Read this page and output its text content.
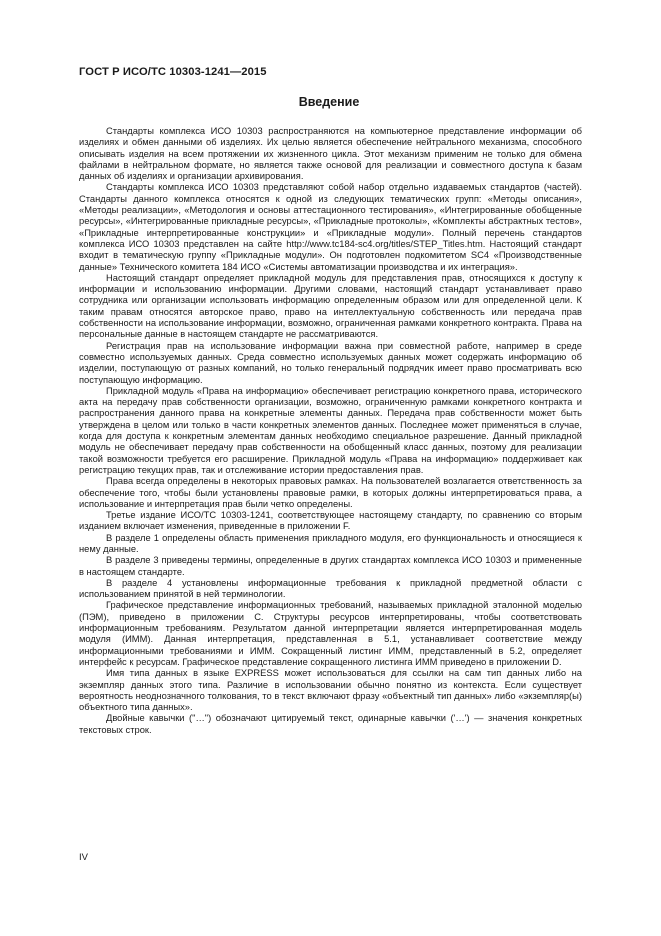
ГОСТ Р ИСО/ТС 10303-1241—2015
Введение

Стандарты комплекса ИСО 10303 распространяются на компьютерное представление информации об изделиях и обмен данными об изделиях. Их целью является обеспечение нейтрального механизма, способного описывать изделия на всем протяжении их жизненного цикла. Этот механизм применим не только для обмена файлами в нейтральном формате, но является также основой для реализации и совместного доступа к базам данных об изделиях и организации архивирования.

Стандарты комплекса ИСО 10303 представляют собой набор отдельно издаваемых стандартов (частей). Стандарты данного комплекса относятся к одной из следующих тематических групп: «Методы описания», «Методы реализации», «Методология и основы аттестационного тестирования», «Интегрированные обобщенные ресурсы», «Интегрированные прикладные ресурсы», «Прикладные протоколы», «Комплекты абстрактных тестов», «Прикладные интерпретированные конструкции» и «Прикладные модули». Полный перечень стандартов комплекса ИСО 10303 представлен на сайте http://www.tc184-sc4.org/titles/STEP_Titles.htm. Настоящий стандарт входит в тематическую группу «Прикладные модули». Он подготовлен подкомитетом SC4 «Производственные данные» Технического комитета 184 ИСО «Системы автоматизации производства и их интеграция».

Настоящий стандарт определяет прикладной модуль для представления прав, относящихся к доступу к информации и использованию информации. Другими словами, настоящий стандарт устанавливает право сотрудника или организации использовать информацию определенным образом или для определенной цели. К таким правам относятся авторское право, право на интеллектуальную собственность или передача прав собственности на использование информации, возможно, ограниченная рамками конкретного контракта. Права на персональные данные в настоящем стандарте не рассматриваются.

Регистрация прав на использование информации важна при совместной работе, например в среде совместно используемых данных. Среда совместно используемых данных может содержать информацию об изделии, поступающую от разных компаний, но только генеральный подрядчик имеет право просматривать всю поступающую информацию.

Прикладной модуль «Права на информацию» обеспечивает регистрацию конкретного права, исторического акта на передачу прав собственности организации, возможно, ограниченную рамками конкретного контракта и распространения данного права на конкретные элементы данных. Передача прав собственности может быть утверждена в целом или только в части конкретных элементов данных. Последнее может применяться в случае, когда для доступа к конкретным элементам данных необходимо специальное разрешение. Данный прикладной модуль не обеспечивает передачу прав собственности на обобщенный класс данных, поэтому для реализации такой возможности требуется его расширение. Прикладной модуль «Права на информацию» поддерживает как регистрацию текущих прав, так и отслеживание истории предоставления прав.

Права всегда определены в некоторых правовых рамках. На пользователей возлагается ответственность за обеспечение того, чтобы были установлены правовые рамки, в которых должны интерпретироваться права, а использование и интерпретация прав были четко определены.

Третье издание ИСО/ТС 10303-1241, соответствующее настоящему стандарту, по сравнению со вторым изданием включает изменения, приведенные в приложении F.

В разделе 1 определены область применения прикладного модуля, его функциональность и относящиеся к нему данные.

В разделе 3 приведены термины, определенные в других стандартах комплекса ИСО 10303 и примененные в настоящем стандарте.

В разделе 4 установлены информационные требования к прикладной предметной области с использованием принятой в ней терминологии.

Графическое представление информационных требований, называемых прикладной эталонной моделью (ПЭМ), приведено в приложении C. Структуры ресурсов интерпретированы, чтобы соответствовать информационным требованиям. Результатом данной интерпретации является интерпретированная модель модуля (ИММ). Данная интерпретация, представленная в 5.1, устанавливает соответствие между информационными требованиями и ИММ. Сокращенный листинг ИММ, представленный в 5.2, определяет интерфейс к ресурсам. Графическое представление сокращенного листинга ИММ приведено в приложении D.

Имя типа данных в языке EXPRESS может использоваться для ссылки на сам тип данных либо на экземпляр данных этого типа. Различие в использовании обычно понятно из контекста. Если существует вероятность неоднозначного толкования, то в текст включают фразу «объектный тип данных» либо «экземпляр(ы) объектного типа данных».

Двойные кавычки ("…") обозначают цитируемый текст, одинарные кавычки ('…') — значения конкретных текстовых строк.

IV
